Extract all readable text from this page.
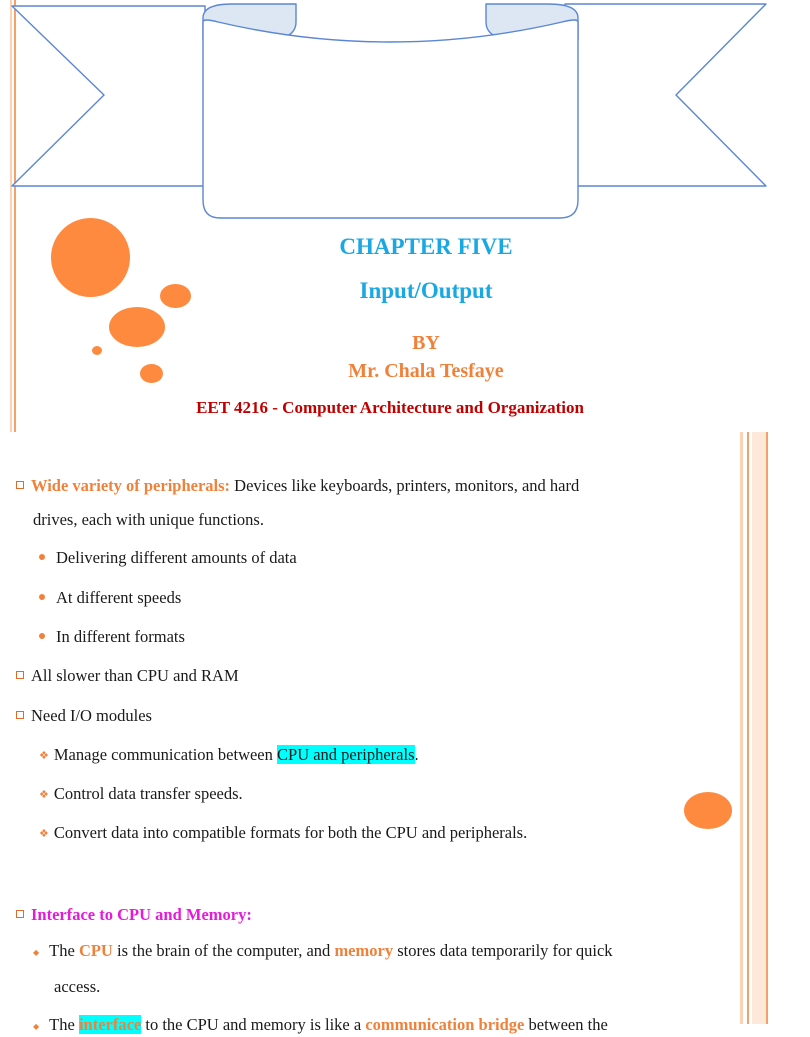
CHAPTER FIVE
Input/Output
BY
Mr. Chala Tesfaye
EET 4216 - Computer Architecture and Organization
Wide variety of peripherals: Devices like keyboards, printers, monitors, and hard
drives, each with unique functions.
Delivering different amounts of data
At different speeds
In different formats
All slower than CPU and RAM
Need I/O modules
❖ Manage communication between CPU and peripherals.
❖ Control data transfer speeds.
❖ Convert data into compatible formats for both the CPU and peripherals.
Interface to CPU and Memory:
◆ The CPU is the brain of the computer, and memory stores data temporarily for quick
access.
◆ The interface to the CPU and memory is like a communication bridge between the
